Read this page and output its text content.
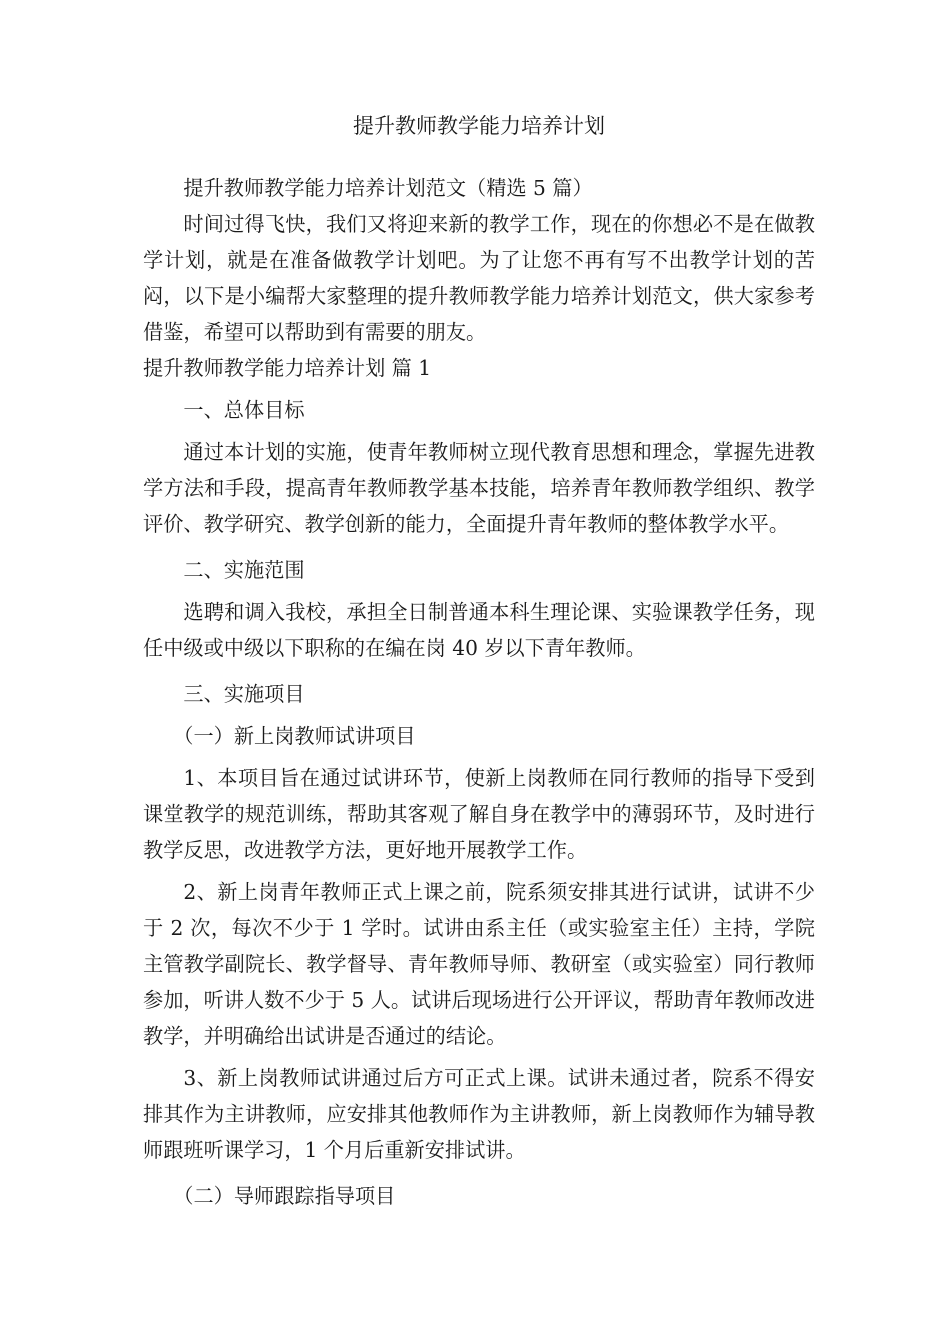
提升教师教学能力培养计划

提升教师教学能力培养计划范文（精选 5 篇）

时间过得飞快，我们又将迎来新的教学工作，现在的你想必不是在做教学计划，就是在准备做教学计划吧。为了让您不再有写不出教学计划的苦闷，以下是小编帮大家整理的提升教师教学能力培养计划范文，供大家参考借鉴，希望可以帮助到有需要的朋友。

提升教师教学能力培养计划 篇 1

一、总体目标

通过本计划的实施，使青年教师树立现代教育思想和理念，掌握先进教学方法和手段，提高青年教师教学基本技能，培养青年教师教学组织、教学评价、教学研究、教学创新的能力，全面提升青年教师的整体教学水平。

二、实施范围

选聘和调入我校，承担全日制普通本科生理论课、实验课教学任务，现任中级或中级以下职称的在编在岗 40 岁以下青年教师。

三、实施项目

（一）新上岗教师试讲项目

1、本项目旨在通过试讲环节，使新上岗教师在同行教师的指导下受到课堂教学的规范训练，帮助其客观了解自身在教学中的薄弱环节，及时进行教学反思，改进教学方法，更好地开展教学工作。

2、新上岗青年教师正式上课之前，院系须安排其进行试讲，试讲不少于 2 次，每次不少于 1 学时。试讲由系主任（或实验室主任）主持，学院主管教学副院长、教学督导、青年教师导师、教研室（或实验室）同行教师参加，听讲人数不少于 5 人。试讲后现场进行公开评议，帮助青年教师改进教学，并明确给出试讲是否通过的结论。

3、新上岗教师试讲通过后方可正式上课。试讲未通过者，院系不得安排其作为主讲教师，应安排其他教师作为主讲教师，新上岗教师作为辅导教师跟班听课学习，1 个月后重新安排试讲。

（二）导师跟踪指导项目
